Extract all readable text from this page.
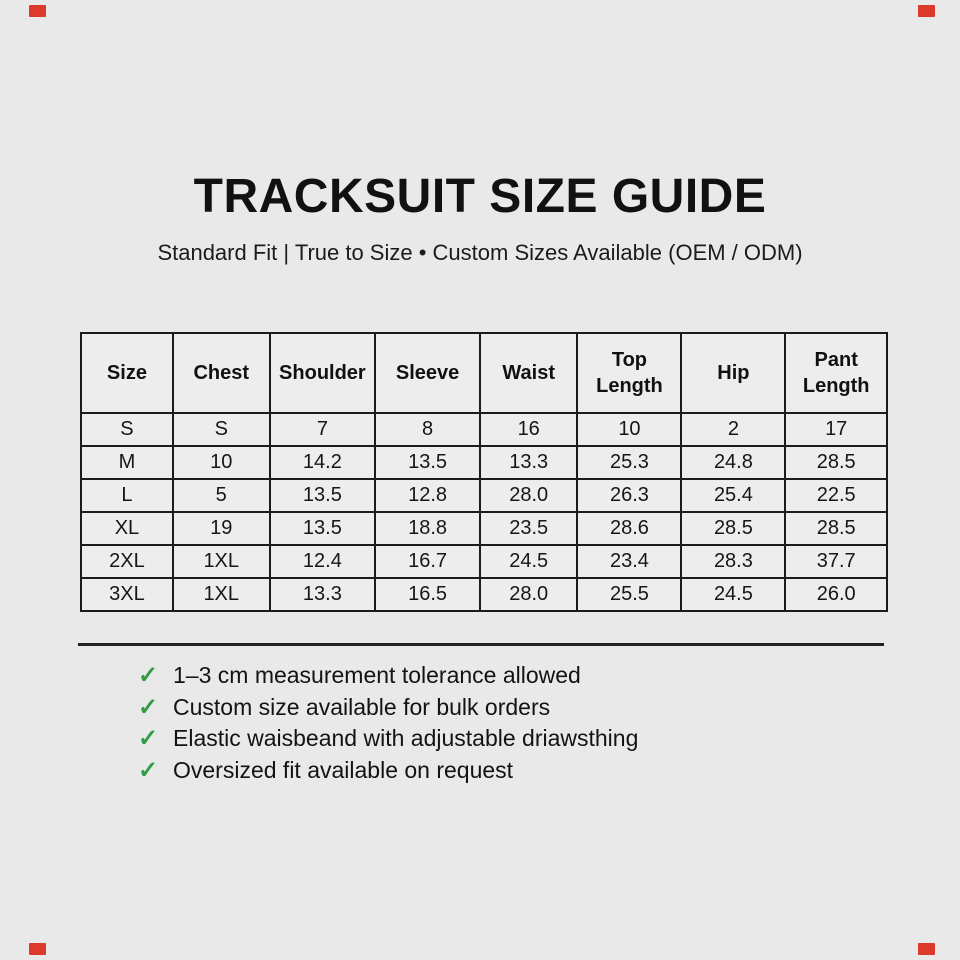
TRACKSUIT SIZE GUIDE
Standard Fit | True to Size • Custom Sizes Available (OEM / ODM)
Size	Chest	Shoulder	Sleeve	Waist	Top Length	Hip	Pant Length
S	S	7	8	16	10	2	17
M	10	14.2	13.5	13.3	25.3	24.8	28.5
L	5	13.5	12.8	28.0	26.3	25.4	22.5
XL	19	13.5	18.8	23.5	28.6	28.5	28.5
2XL	1XL	12.4	16.7	24.5	23.4	28.3	37.7
3XL	1XL	13.3	16.5	28.0	25.5	24.5	26.0
✓ 1–3 cm measurement tolerance allowed
✓ Custom size available for bulk orders
✓ Elastic waisbeand with adjustable driawsthing
✓ Oversized fit available on request
